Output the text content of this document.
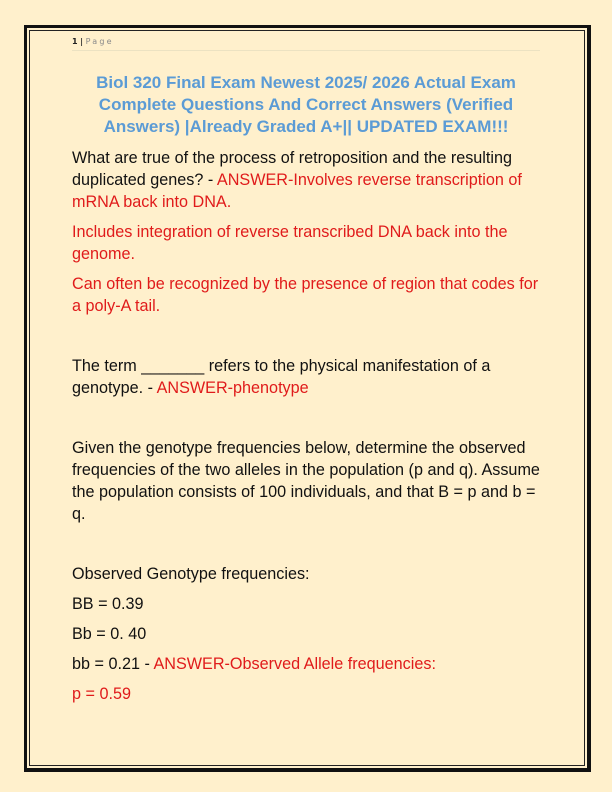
1 | Page
Biol 320 Final Exam Newest 2025/ 2026 Actual Exam
Complete Questions And Correct Answers (Verified
Answers) |Already Graded A+|| UPDATED EXAM!!!

What are true of the process of retroposition and the resulting duplicated genes? - ANSWER-Involves reverse transcription of mRNA back into DNA.

Includes integration of reverse transcribed DNA back into the genome.

Can often be recognized by the presence of region that codes for a poly-A tail.

The term _______ refers to the physical manifestation of a genotype. - ANSWER-phenotype

Given the genotype frequencies below, determine the observed frequencies of the two alleles in the population (p and q). Assume the population consists of 100 individuals, and that B = p and b = q.

Observed Genotype frequencies:

BB = 0.39

Bb = 0. 40

bb = 0.21 - ANSWER-Observed Allele frequencies:

p = 0.59
